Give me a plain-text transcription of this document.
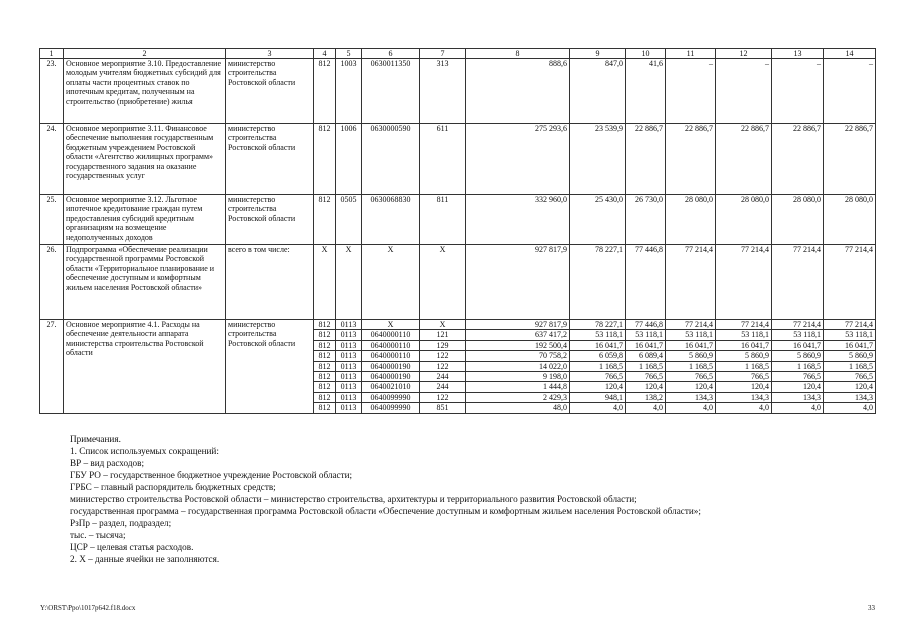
1	2	3	4	5	6	7	8	9	10	11	12	13	14
23.	Основное мероприятие 3.10. Предоставление молодым учителям бюджетных субсидий для оплаты части процентных ставок по ипотечным кредитам, полученным на строительство (приобретение) жилья	министерство строительства Ростовской области	812	1003	0630011350	313	888,6	847,0	41,6	–	–	–	–
24.	Основное мероприятие 3.11. Финансовое обеспечение выполнения государственным бюджетным учреждением Ростовской области «Агентство жилищных программ» государственного задания на оказание государственных услуг	министерство строительства Ростовской области	812	1006	0630000590	611	275 293,6	23 539,9	22 886,7	22 886,7	22 886,7	22 886,7	22 886,7
25.	Основное мероприятие 3.12. Льготное ипотечное кредитование граждан путем предоставления субсидий кредитным организациям на возмещение недополученных доходов	министерство строительства Ростовской области	812	0505	0630068830	811	332 960,0	25 430,0	26 730,0	28 080,0	28 080,0	28 080,0	28 080,0
26.	Подпрограмма «Обеспечение реализации государственной программы Ростовской области «Территориальное планирование и обеспечение доступным и комфортным жильем населения Ростовской области»	всего в том числе:	X	X	X	X	927 817,9	78 227,1	77 446,8	77 214,4	77 214,4	77 214,4	77 214,4
27.	Основное мероприятие 4.1. Расходы на обеспечение деятельности аппарата министерства строительства Ростовской области	министерство строительства Ростовской области	812	0113	X	X	927 817,9	78 227,1	77 446,8	77 214,4	77 214,4	77 214,4	77 214,4
			812	0113	0640000110	121	637 417,2	53 118,1	53 118,1	53 118,1	53 118,1	53 118,1	53 118,1
			812	0113	0640000110	129	192 500,4	16 041,7	16 041,7	16 041,7	16 041,7	16 041,7	16 041,7
			812	0113	0640000110	122	70 758,2	6 059,8	6 089,4	5 860,9	5 860,9	5 860,9	5 860,9
			812	0113	0640000190	122	14 022,0	1 168,5	1 168,5	1 168,5	1 168,5	1 168,5	1 168,5
			812	0113	0640000190	244	9 198,0	766,5	766,5	766,5	766,5	766,5	766,5
			812	0113	0640021010	244	1 444,8	120,4	120,4	120,4	120,4	120,4	120,4
			812	0113	0640099990	122	2 429,3	948,1	138,2	134,3	134,3	134,3	134,3
			812	0113	0640099990	851	48,0	4,0	4,0	4,0	4,0	4,0	4,0
Примечания.
1. Список используемых сокращений:
ВР – вид расходов;
ГБУ РО – государственное бюджетное учреждение Ростовской области;
ГРБС – главный распорядитель бюджетных средств;
министерство строительства Ростовской области – министерство строительства, архитектуры и территориального развития Ростовской области;
государственная программа – государственная программа Ростовской области «Обеспечение доступным и комфортным жильем населения Ростовской области»;
РзПр – раздел, подраздел;
тыс. – тысяча;
ЦСР – целевая статья расходов.
2. Х – данные ячейки не заполняются.
Y:\ORST\Ppo\1017p642.f18.docx	33
